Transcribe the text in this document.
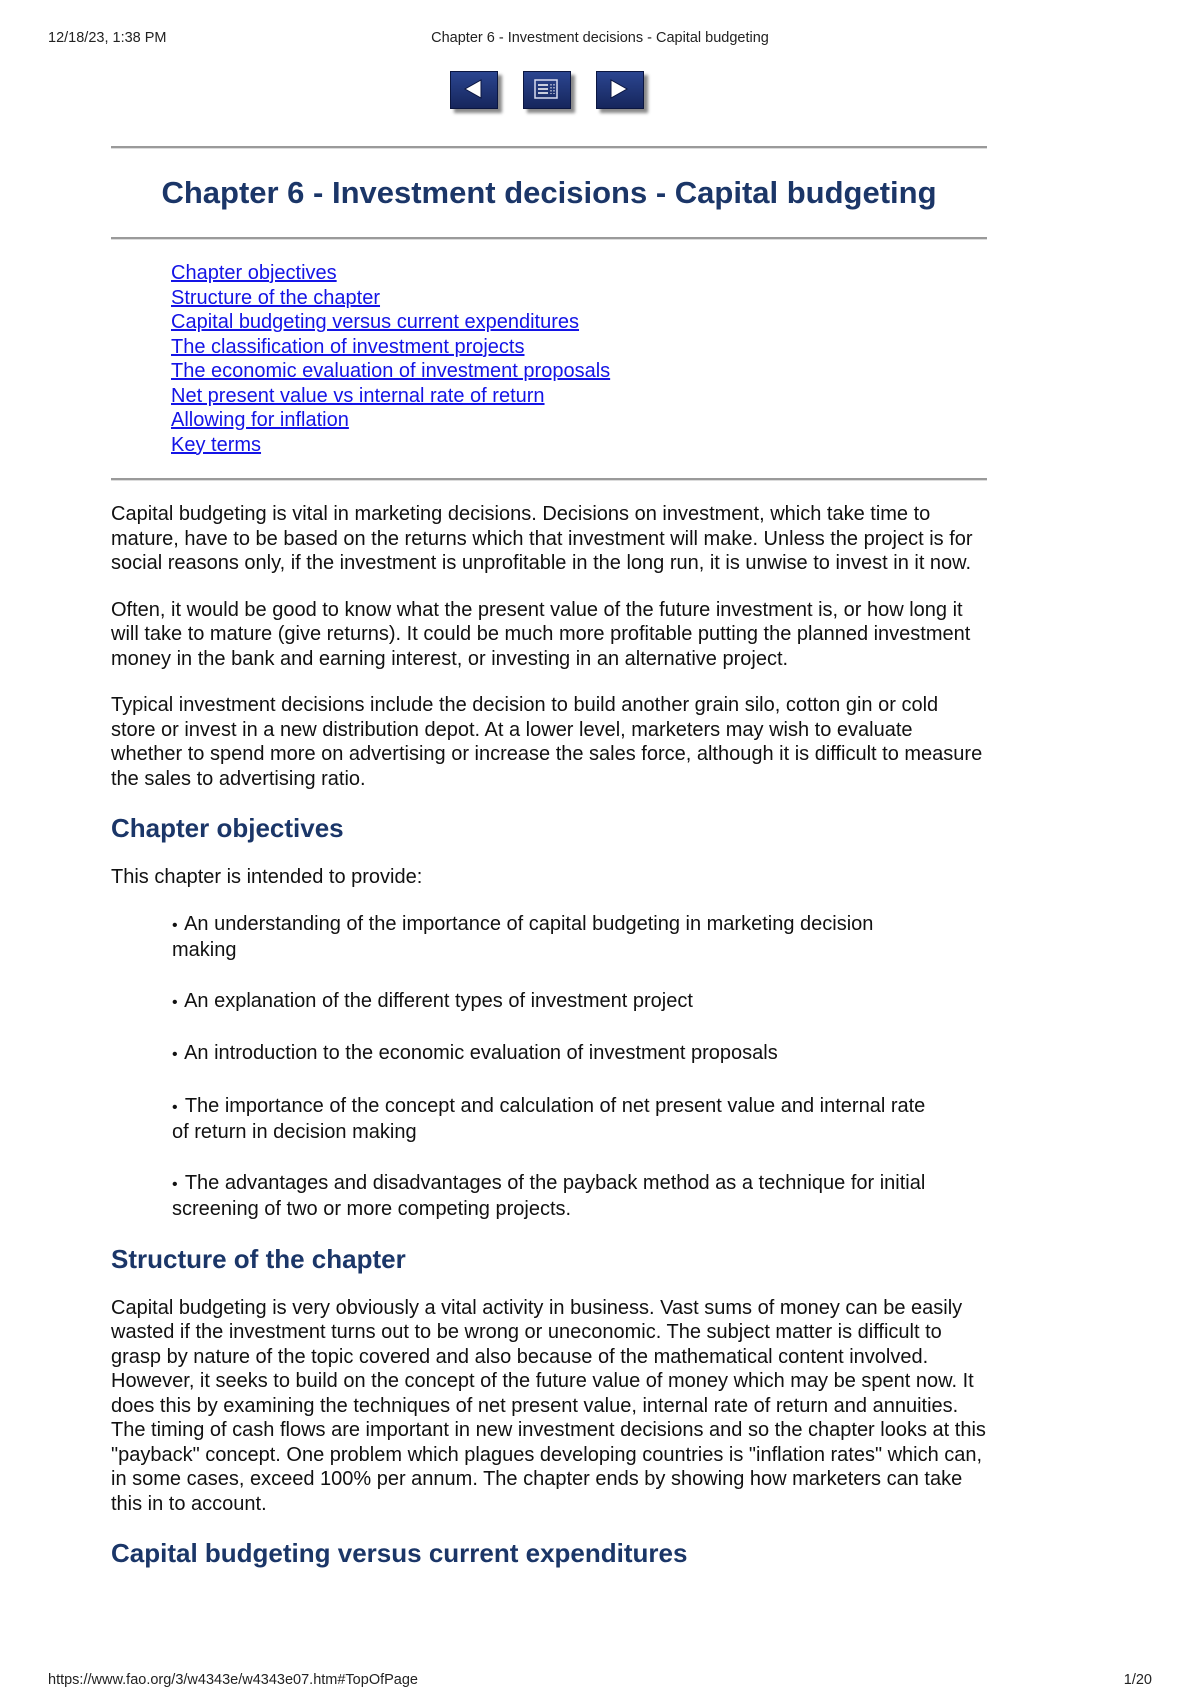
12/18/23, 1:38 PM	Chapter 6 - Investment decisions - Capital budgeting
Chapter 6 - Investment decisions - Capital budgeting
Chapter objectives
Structure of the chapter
Capital budgeting versus current expenditures
The classification of investment projects
The economic evaluation of investment proposals
Net present value vs internal rate of return
Allowing for inflation
Key terms

Capital budgeting is vital in marketing decisions. Decisions on investment, which take time to mature, have to be based on the returns which that investment will make. Unless the project is for social reasons only, if the investment is unprofitable in the long run, it is unwise to invest in it now.

Often, it would be good to know what the present value of the future investment is, or how long it will take to mature (give returns). It could be much more profitable putting the planned investment money in the bank and earning interest, or investing in an alternative project.

Typical investment decisions include the decision to build another grain silo, cotton gin or cold store or invest in a new distribution depot. At a lower level, marketers may wish to evaluate whether to spend more on advertising or increase the sales force, although it is difficult to measure the sales to advertising ratio.

Chapter objectives

This chapter is intended to provide:

• An understanding of the importance of capital budgeting in marketing decision making
• An explanation of the different types of investment project
• An introduction to the economic evaluation of investment proposals
• The importance of the concept and calculation of net present value and internal rate of return in decision making
• The advantages and disadvantages of the payback method as a technique for initial screening of two or more competing projects.
Structure of the chapter

Capital budgeting is very obviously a vital activity in business. Vast sums of money can be easily wasted if the investment turns out to be wrong or uneconomic. The subject matter is difficult to grasp by nature of the topic covered and also because of the mathematical content involved. However, it seeks to build on the concept of the future value of money which may be spent now. It does this by examining the techniques of net present value, internal rate of return and annuities. The timing of cash flows are important in new investment decisions and so the chapter looks at this "payback" concept. One problem which plagues developing countries is "inflation rates" which can, in some cases, exceed 100% per annum. The chapter ends by showing how marketers can take this in to account.

Capital budgeting versus current expenditures
https://www.fao.org/3/w4343e/w4343e07.htm#TopOfPage	1/20
